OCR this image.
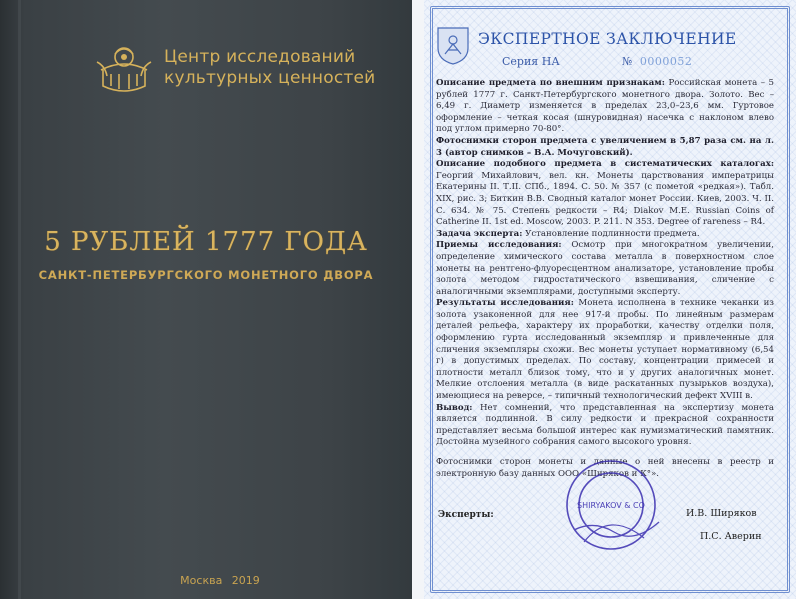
Центр исследований
культурных ценностей
5 РУБЛЕЙ 1777 ГОДА
САНКТ-ПЕТЕРБУРГСКОГО МОНЕТНОГО ДВОРА
Москва 2019
ЭКСПЕРТНОЕ ЗАКЛЮЧЕНИЕ
Серия НА	№ 0000052

Описание предмета по внешним признакам: Российская монета – 5 рублей 1777 г. Санкт-Петербургского монетного двора. Золото. Вес – 6,49 г. Диаметр изменяется в пределах 23,0–23,6 мм. Гуртовое оформление – четкая косая (шнуровидная) насечка с наклоном влево под углом примерно 70-80°.

Фотоснимки сторон предмета с увеличением в 5,87 раза см. на л. 3 (автор снимков – В.А. Мочуговский).

Описание подобного предмета в систематических каталогах: Георгий Михайлович, вел. кн. Монеты царствования императрицы Екатерины II. Т.II. СПб., 1894. С. 50. № 357 (с пометой «редкая»). Табл. XIX, рис. 3; Биткин В.В. Сводный каталог монет России. Киев, 2003. Ч. II. С. 634. № 75. Степень редкости – R4; Diakov M.E. Russian Coins of Catherine II. 1st ed. Moscow, 2003. P. 211. N 353. Degree of rareness – R4.

Задача эксперта: Установление подлинности предмета.

Приемы исследования: Осмотр при многократном увеличении, определение химического состава металла в поверхностном слое монеты на рентгено-флуоресцентном анализаторе, установление пробы золота методом гидростатического взвешивания, сличение с аналогичными экземплярами, доступными эксперту.

Результаты исследования: Монета исполнена в технике чеканки из золота узаконенной для нее 917-й пробы. По линейным размерам деталей рельефа, характеру их проработки, качеству отделки поля, оформлению гурта исследованный экземпляр и привлеченные для сличения экземпляры схожи. Вес монеты уступает нормативному (6,54 г) в допустимых пределах. По составу, концентрации примесей и плотности металл близок тому, что и у других аналогичных монет. Мелкие отслоения металла (в виде раскатанных пузырьков воздуха), имеющиеся на реверсе, – типичный технологический дефект XVIII в.

Вывод: Нет сомнений, что представленная на экспертизу монета является подлинной. В силу редкости и прекрасной сохранности представляет весьма большой интерес как нумизматический памятник. Достойна музейного собрания самого высокого уровня.

Фотоснимки сторон монеты и данные о ней внесены в реестр и электронную базу данных ООО «Ширяков и К°».

SHIRYAKOV & CO
Эксперты:	И.В. Ширяков
П.С. Аверин
